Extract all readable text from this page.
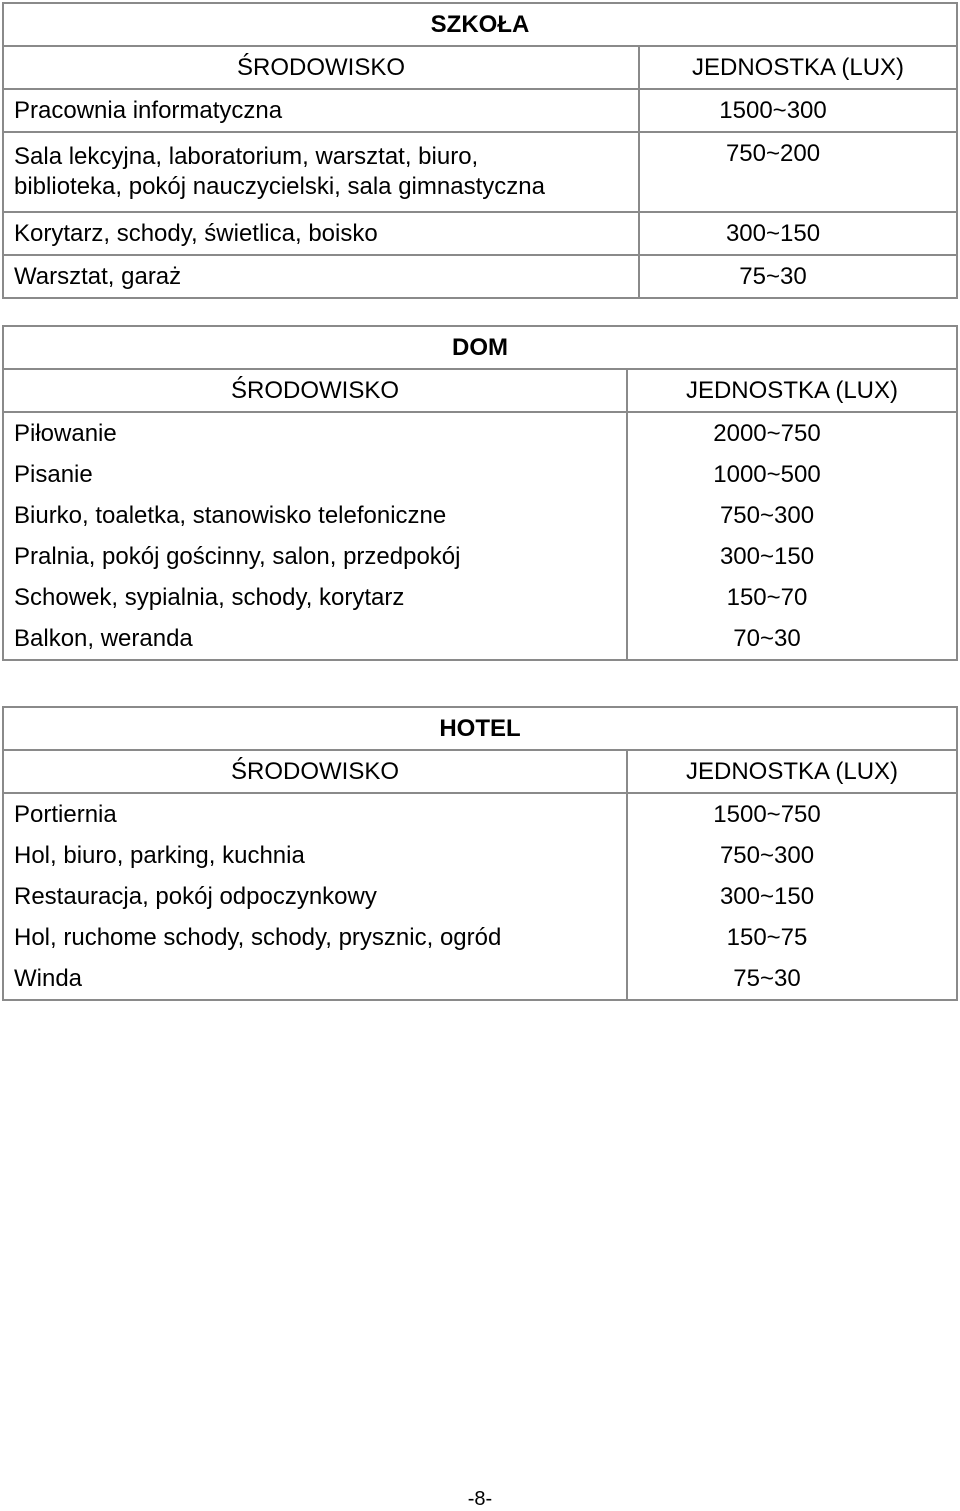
SZKOŁA	
ŚRODOWISKO	JEDNOSTKA (LUX)
Pracownia informatyczna	1500~300
Sala lekcyjna, laboratorium, warsztat, biuro,
biblioteka, pokój nauczycielski, sala gimnastyczna	750~200
Korytarz, schody, świetlica, boisko	300~150
Warsztat, garaż	75~30
DOM	
ŚRODOWISKO	JEDNOSTKA (LUX)
Piłowanie	2000~750
Pisanie	1000~500
Biurko, toaletka, stanowisko telefoniczne	750~300
Pralnia, pokój gościnny, salon, przedpokój	300~150
Schowek, sypialnia, schody, korytarz	150~70
Balkon, weranda	70~30
HOTEL	
ŚRODOWISKO	JEDNOSTKA (LUX)
Portiernia	1500~750
Hol, biuro, parking, kuchnia	750~300
Restauracja, pokój odpoczynkowy	300~150
Hol, ruchome schody, schody, prysznic, ogród	150~75
Winda	75~30
-8-
